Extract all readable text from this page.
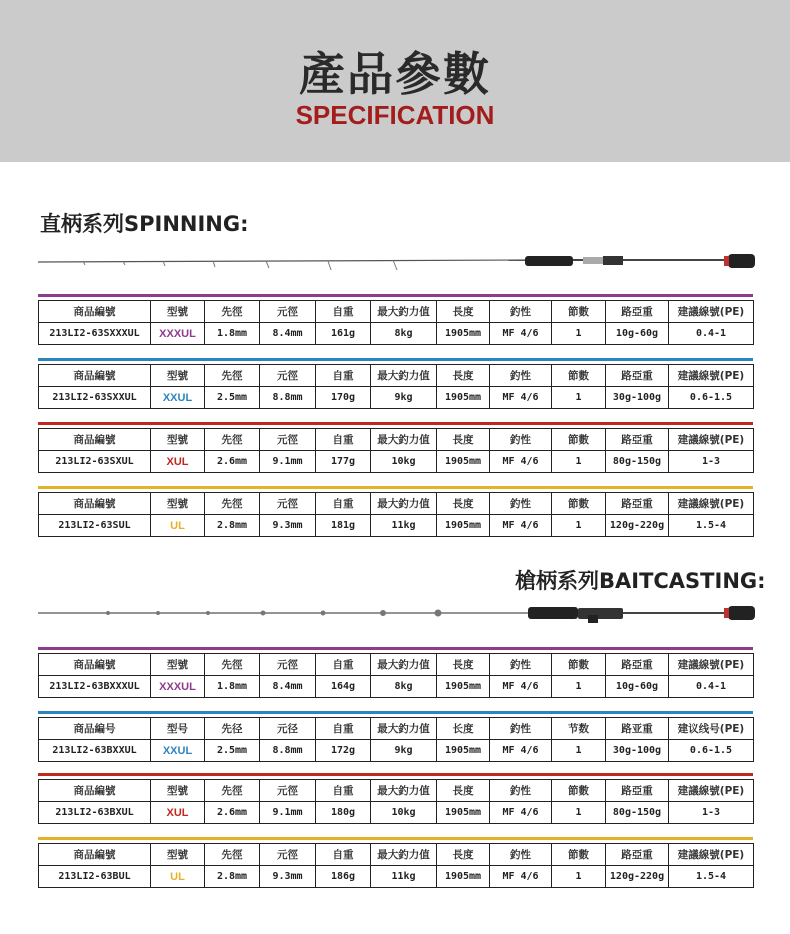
產品參數
SPECIFICATION
直柄系列SPINNING:
商品編號	型號	先徑	元徑	自重	最大釣力值	長度	釣性	節數	路亞重	建議線號(PE)
213LI2-63SXXXUL	XXXUL	1.8mm	8.4mm	161g	8kg	1905mm	MF 4/6	1	10g-60g	0.4-1
商品編號	型號	先徑	元徑	自重	最大釣力值	長度	釣性	節數	路亞重	建議線號(PE)
213LI2-63SXXUL	XXUL	2.5mm	8.8mm	170g	9kg	1905mm	MF 4/6	1	30g-100g	0.6-1.5
商品編號	型號	先徑	元徑	自重	最大釣力值	長度	釣性	節數	路亞重	建議線號(PE)
213LI2-63SXUL	XUL	2.6mm	9.1mm	177g	10kg	1905mm	MF 4/6	1	80g-150g	1-3
商品編號	型號	先徑	元徑	自重	最大釣力值	長度	釣性	節數	路亞重	建議線號(PE)
213LI2-63SUL	UL	2.8mm	9.3mm	181g	11kg	1905mm	MF 4/6	1	120g-220g	1.5-4
槍柄系列BAITCASTING:
商品編號	型號	先徑	元徑	自重	最大釣力值	長度	釣性	節數	路亞重	建議線號(PE)
213LI2-63BXXXUL	XXXUL	1.8mm	8.4mm	164g	8kg	1905mm	MF 4/6	1	10g-60g	0.4-1
商品編号	型号	先径	元径	自重	最大釣力值	长度	釣性	节数	路亚重	建议线号(PE)
213LI2-63BXXUL	XXUL	2.5mm	8.8mm	172g	9kg	1905mm	MF 4/6	1	30g-100g	0.6-1.5
商品編號	型號	先徑	元徑	自重	最大釣力值	長度	釣性	節數	路亞重	建議線號(PE)
213LI2-63BXUL	XUL	2.6mm	9.1mm	180g	10kg	1905mm	MF 4/6	1	80g-150g	1-3
商品編號	型號	先徑	元徑	自重	最大釣力值	長度	釣性	節數	路亞重	建議線號(PE)
213LI2-63BUL	UL	2.8mm	9.3mm	186g	11kg	1905mm	MF 4/6	1	120g-220g	1.5-4
